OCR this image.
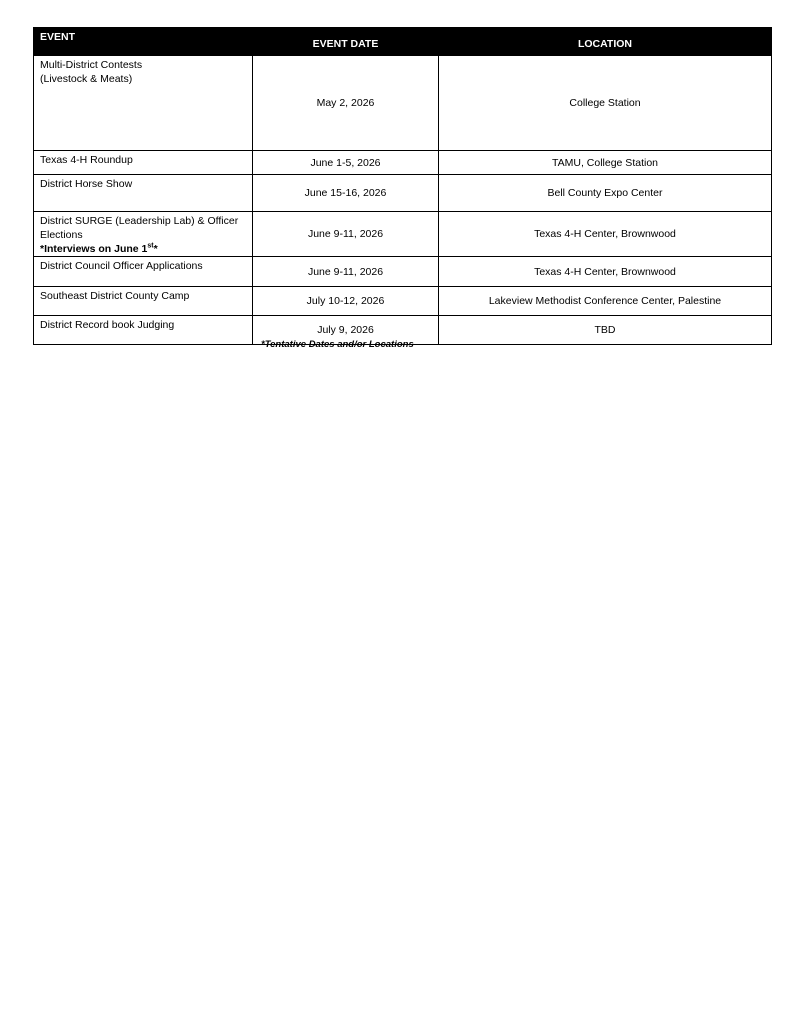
EVENT	EVENT DATE	LOCATION

Multi-District Contests
(Livestock & Meats)	May 2, 2026	College Station

Texas 4-H Roundup	June 1-5, 2026	TAMU, College Station

District Horse Show	June 15-16, 2026	Bell County Expo Center

District SURGE (Leadership Lab) & Officer
Elections
*Interviews on June 1st*	June 9-11, 2026	Texas 4-H Center, Brownwood

District Council Officer Applications	June 9-11, 2026	Texas 4-H Center, Brownwood

Southeast District County Camp	July 10-12, 2026	Lakeview Methodist Conference Center, Palestine

District Record book Judging	July 9, 2026	TBD
*Tentative Dates and/or Locations
